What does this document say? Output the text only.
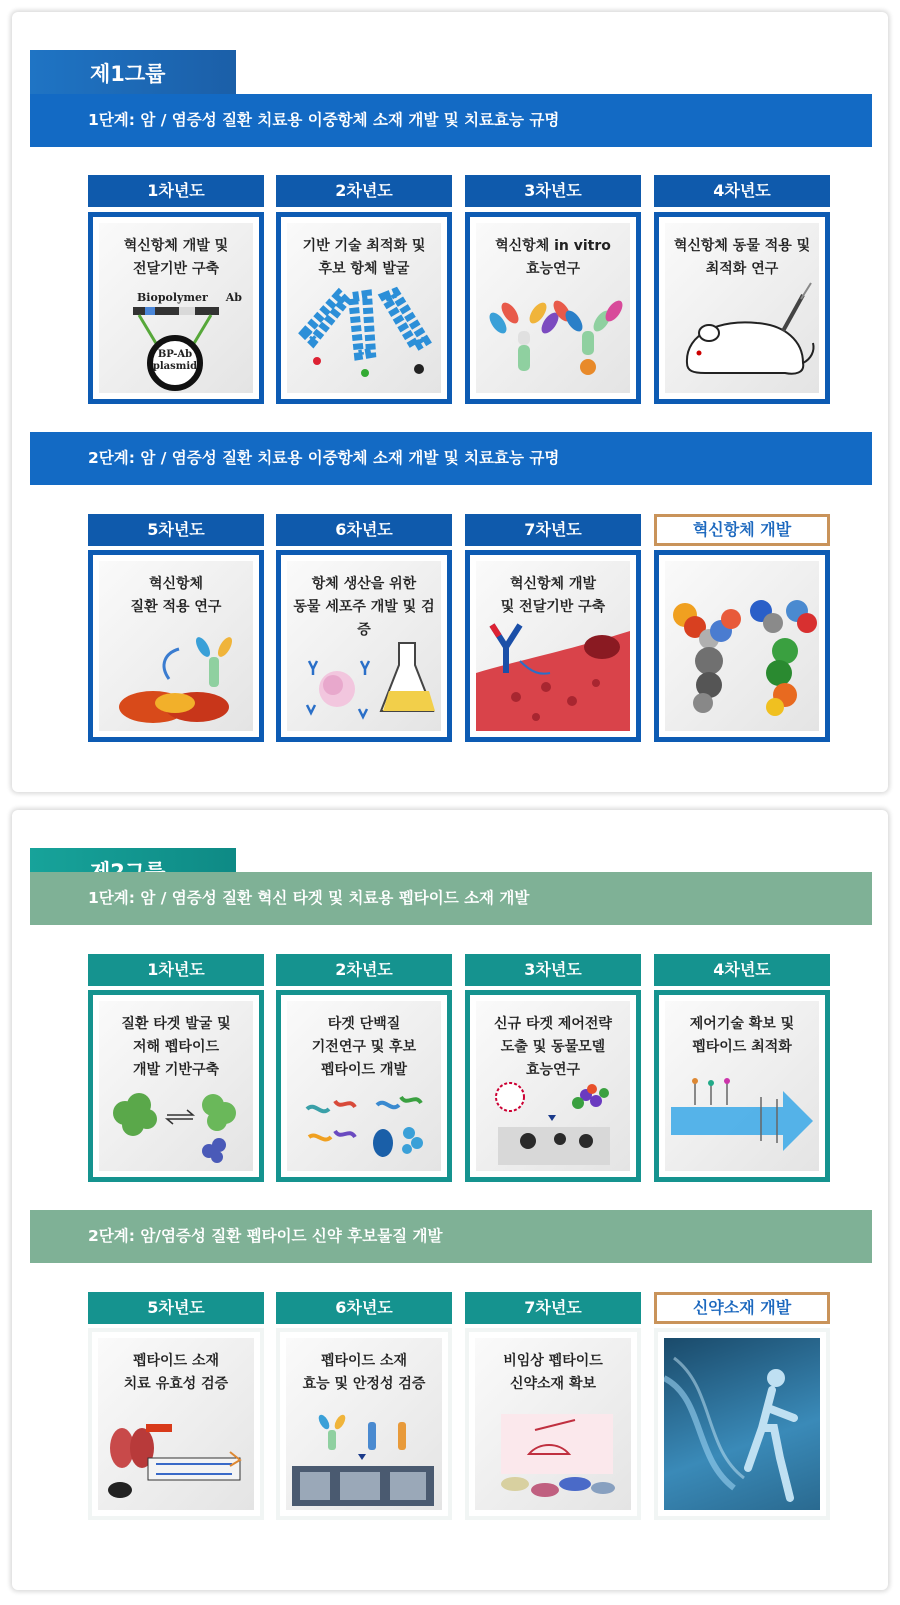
제1그룹
1단계: 암 / 염증성 질환 치료용 이중항체 소재 개발 및 치료효능 규명
1차년도	2차년도	3차년도	4차년도
혁신항체 개발 및
전달기반 구축
Biopolymer Ab
BP-Ab
plasmid
기반 기술 최적화 및
후보 항체 발굴
혁신항체 in vitro
효능연구
혁신항체 동물 적용 및
최적화 연구
2단계: 암 / 염증성 질환 치료용 이중항체 소재 개발 및 치료효능 규명
5차년도	6차년도	7차년도	혁신항체 개발
혁신항체
질환 적용 연구
항체 생산을 위한
동물 세포주 개발 및 검증
혁신항체 개발
및 전달기반 구축
1단계: 암 / 염증성 질환 혁신 타겟 및 치료용 펩타이드 소재 개발
1차년도	2차년도	3차년도	4차년도
질환 타겟 발굴 및
저해 펩타이드
개발 기반구축
타겟 단백질
기전연구 및 후보
펩타이드 개발
신규 타겟 제어전략
도출 및 동물모델
효능연구
제어기술 확보 및
펩타이드 최적화
2단계: 암/염증성 질환 펩타이드 신약 후보물질 개발
5차년도	6차년도	7차년도	신약소재 개발
펩타이드 소재
치료 유효성 검증
펩타이드 소재
효능 및 안정성 검증
비임상 펩타이드
신약소재 확보
